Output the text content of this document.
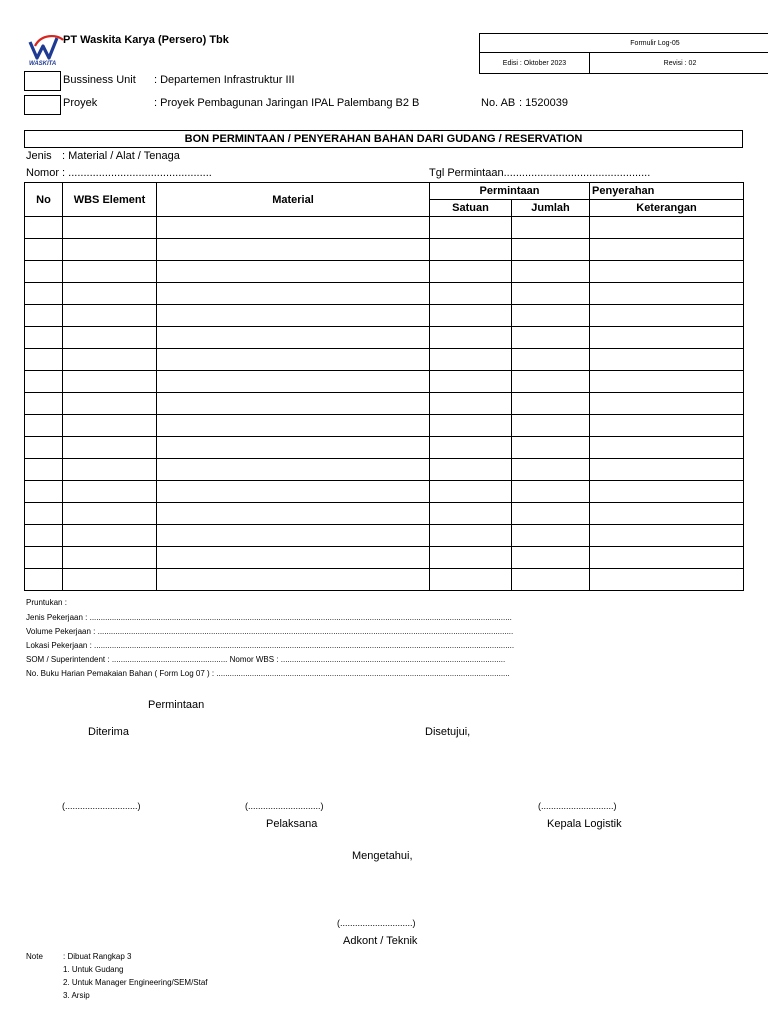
WASKITA
PT Waskita Karya (Persero) Tbk	Formulir Log-05
Edisi : Oktober 2023	Revisi : 02
Bussiness Unit : Departemen Infrastruktur III
Proyek	: Proyek Pembagunan Jaringan IPAL Palembang B2 B	No. AB : 1520039
BON PERMINTAAN / PENYERAHAN BAHAN DARI GUDANG / RESERVATION
Jenis : Material / Alat / Tenaga
Nomor : ...............................................	Tgl Permintaan................................................
No	WBS Element	Material	Permintaan		Penyerahan
			Satuan	Jumlah	Keterangan

Pruntukan :
Jenis Pekerjaan : ..............................................................................................................................................................................................
Volume Pekerjaan : ...........................................................................................................................................................................................
Lokasi Pekerjaan : .............................................................................................................................................................................................
SOM / Superintendent : .................................................... Nomor WBS : .....................................................................................................
No. Buku Harian Pemakaian Bahan ( Form Log 07 ) : ....................................................................................................................................
Permintaan
Diterima	Disetujui,
(.............................)	(.............................)	(.............................)
Pelaksana	Kepala Logistik
Mengetahui,
(.............................)
Adkont / Teknik
Note	: Dibuat Rangkap 3
1. Untuk Gudang
2. Untuk Manager Engineering/SEM/Staf
3. Arsip
